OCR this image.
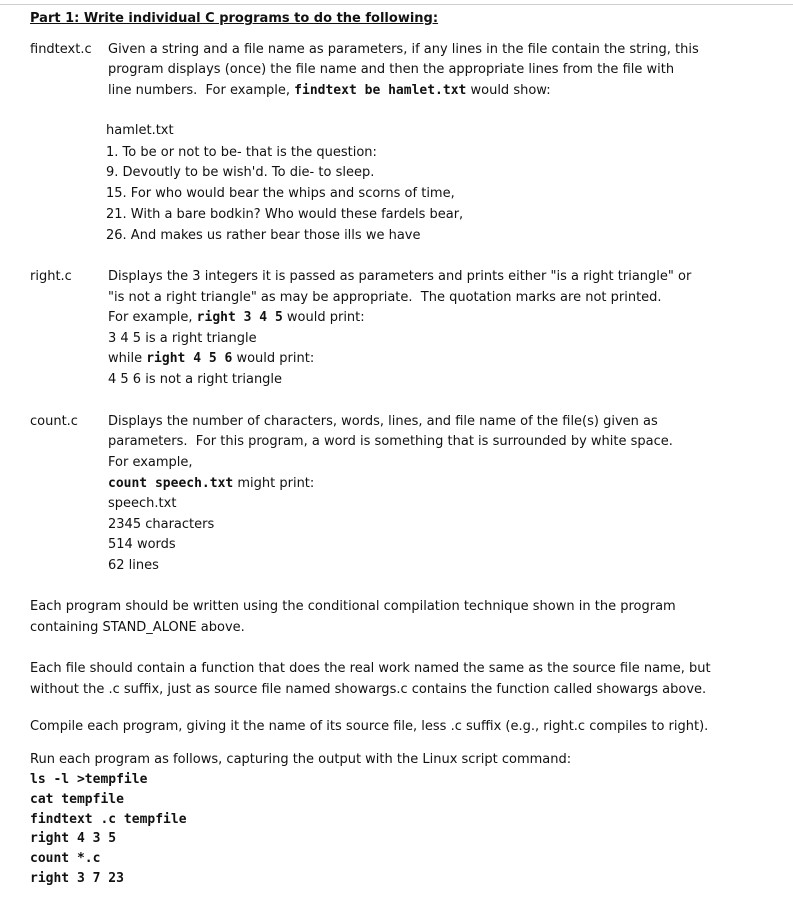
Part 1: Write individual C programs to do the following:
findtext.c Given a string and a file name as parameters, if any lines in the file contain the string, this
program displays (once) the file name and then the appropriate lines from the file with
line numbers.  For example, findtext be hamlet.txt would show:
hamlet.txt
1. To be or not to be- that is the question:
9. Devoutly to be wish'd. To die- to sleep.
15. For who would bear the whips and scorns of time,
21. With a bare bodkin? Who would these fardels bear,
26. And makes us rather bear those ills we have
right.c	Displays the 3 integers it is passed as parameters and prints either "is a right triangle" or
"is not a right triangle" as may be appropriate.  The quotation marks are not printed.
For example, right 3 4 5 would print:
3 4 5 is a right triangle
while right 4 5 6 would print:
4 5 6 is not a right triangle
count.c Displays the number of characters, words, lines, and file name of the file(s) given as
parameters.  For this program, a word is something that is surrounded by white space.
For example,
count speech.txt might print:
speech.txt
2345 characters
514 words
62 lines
Each program should be written using the conditional compilation technique shown in the program
containing STAND_ALONE above.
Each file should contain a function that does the real work named the same as the source file name, but
without the .c suffix, just as source file named showargs.c contains the function called showargs above.
Compile each program, giving it the name of its source file, less .c suffix (e.g., right.c compiles to right).
Run each program as follows, capturing the output with the Linux script command:
ls -l >tempfile
cat tempfile
findtext .c tempfile
right 4 3 5
count *.c
right 3 7 23
